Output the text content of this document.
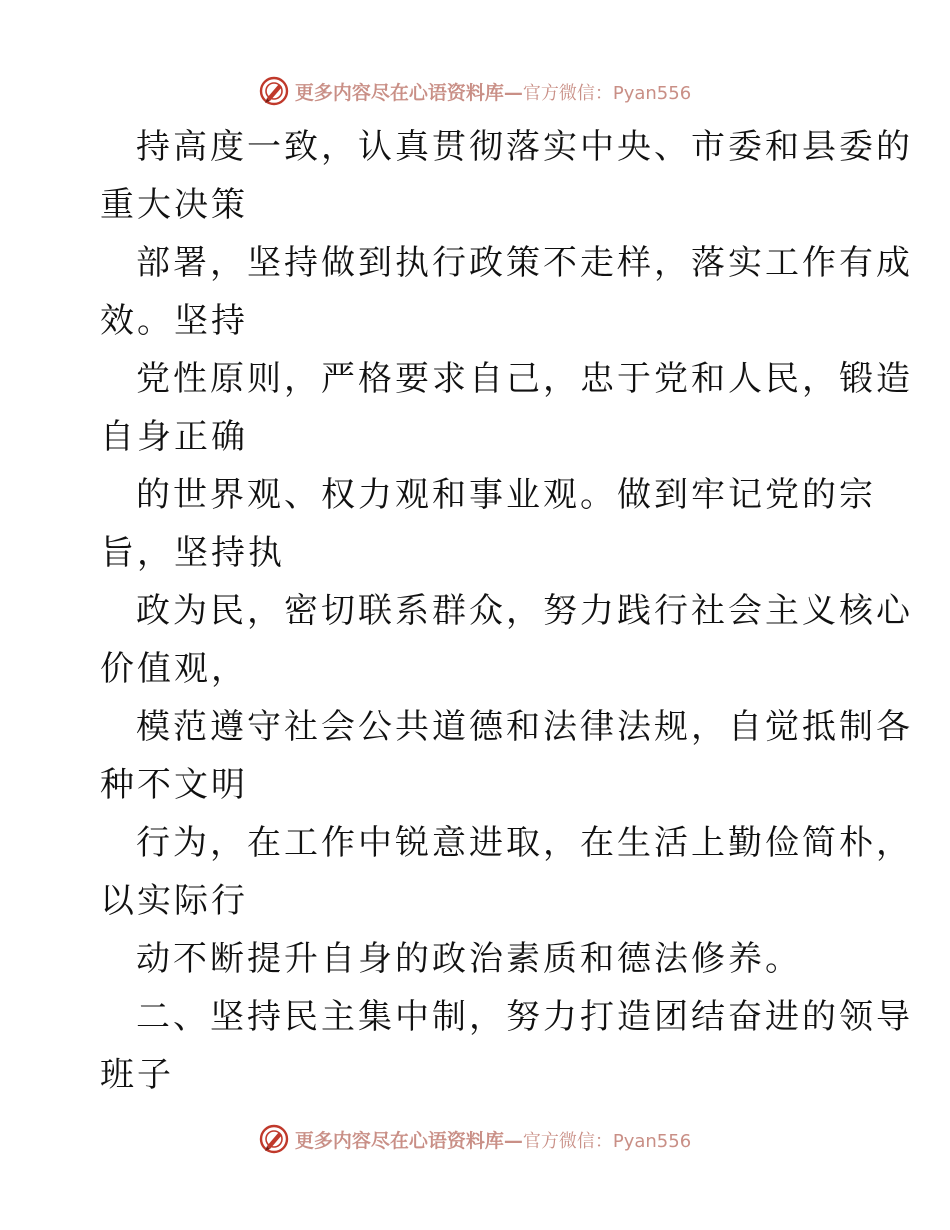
更多内容尽在心语资料库—官方微信：Pyan556
持高度一致，认真贯彻落实中央、市委和县委的
重大决策
部署，坚持做到执行政策不走样，落实工作有成
效。坚持
党性原则，严格要求自己，忠于党和人民，锻造
自身正确
的世界观、权力观和事业观。做到牢记党的宗
旨，坚持执
政为民，密切联系群众，努力践行社会主义核心
价值观，
模范遵守社会公共道德和法律法规，自觉抵制各
种不文明
行为，在工作中锐意进取，在生活上勤俭简朴，
以实际行
动不断提升自身的政治素质和德法修养。
二、坚持民主集中制，努力打造团结奋进的领导
班子
更多内容尽在心语资料库—官方微信：Pyan556
